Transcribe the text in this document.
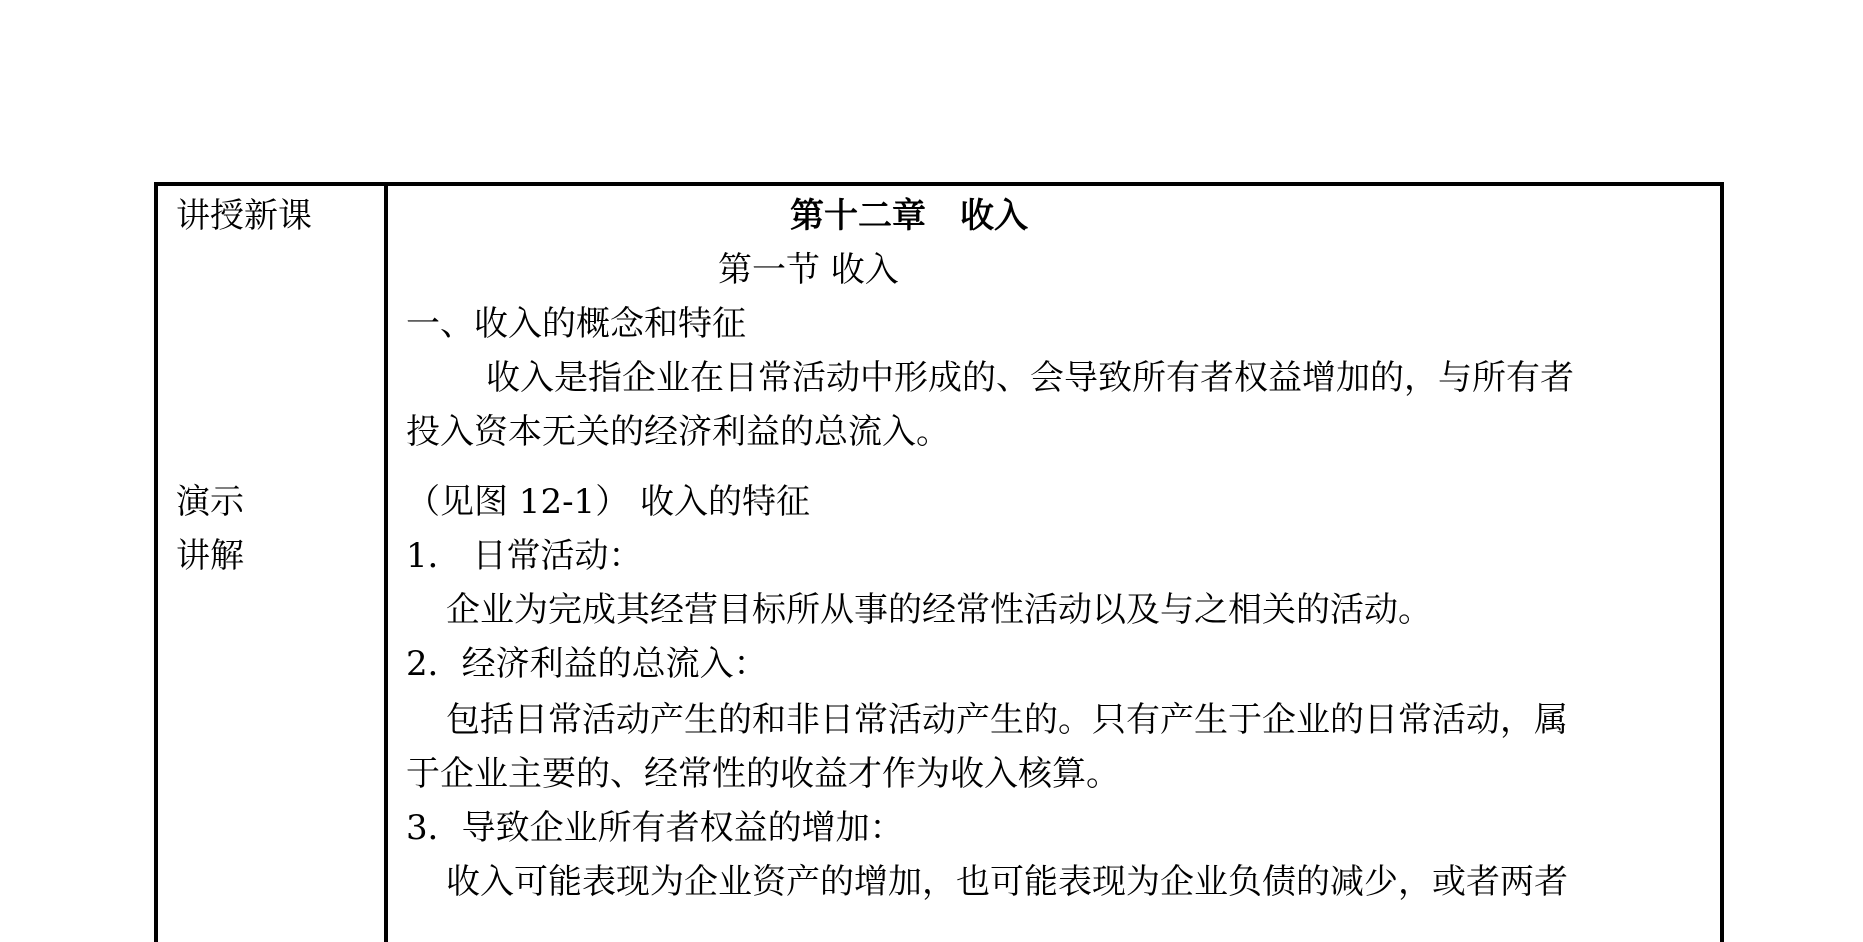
讲授新课
演示
讲解
第十二章　收入
第一节 收入
一、收入的概念和特征
收入是指企业在日常活动中形成的、会导致所有者权益增加的，与所有者
投入资本无关的经济利益的总流入。
（见图 12-1） 收入的特征
1． 日常活动：
企业为完成其经营目标所从事的经常性活动以及与之相关的活动。
2．经济利益的总流入：
包括日常活动产生的和非日常活动产生的。只有产生于企业的日常活动，属
于企业主要的、经常性的收益才作为收入核算。
3．导致企业所有者权益的增加：
收入可能表现为企业资产的增加，也可能表现为企业负债的减少，或者两者
